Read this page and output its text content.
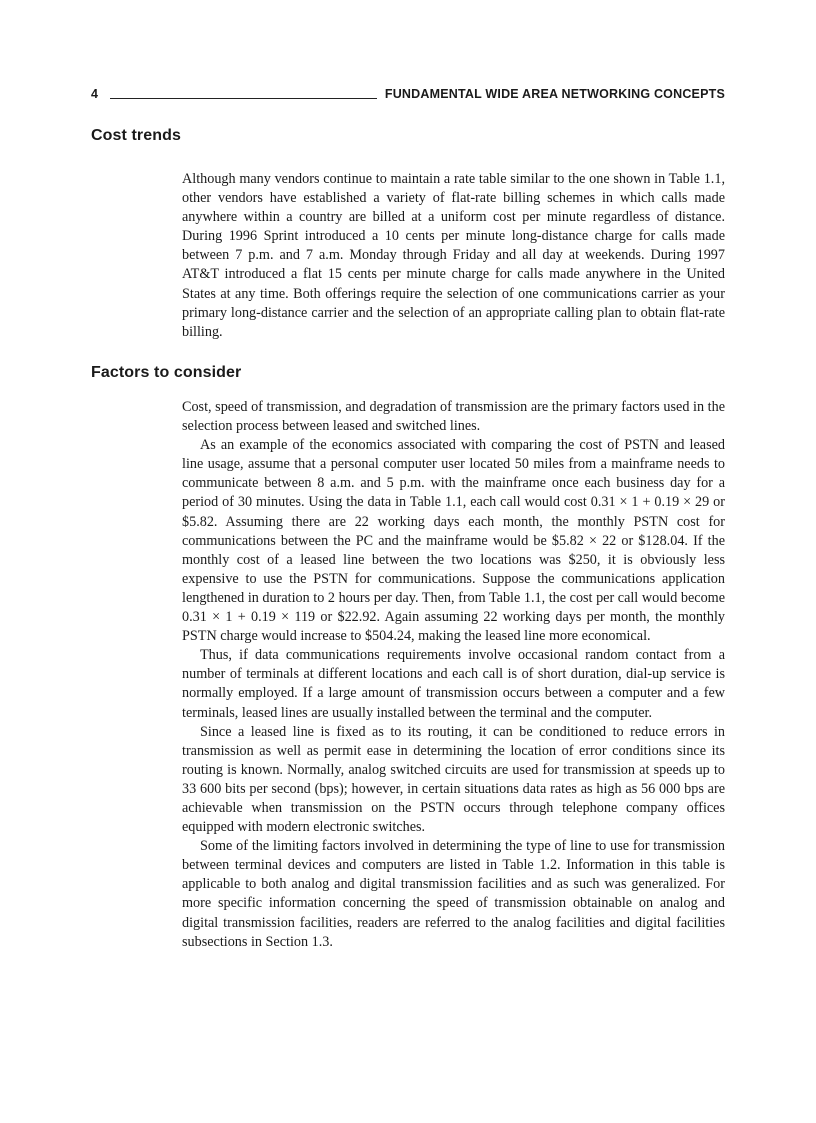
4	FUNDAMENTAL WIDE AREA NETWORKING CONCEPTS
Cost trends

Although many vendors continue to maintain a rate table similar to the one shown in Table 1.1, other vendors have established a variety of flat-rate billing schemes in which calls made anywhere within a country are billed at a uniform cost per minute regardless of distance. During 1996 Sprint introduced a 10 cents per minute long-distance charge for calls made between 7 p.m. and 7 a.m. Monday through Friday and all day at weekends. During 1997 AT&T introduced a flat 15 cents per minute charge for calls made anywhere in the United States at any time. Both offerings require the selection of one communications carrier as your primary long-distance carrier and the selection of an appropriate calling plan to obtain flat-rate billing.

Factors to consider

Cost, speed of transmission, and degradation of transmission are the primary factors used in the selection process between leased and switched lines.

As an example of the economics associated with comparing the cost of PSTN and leased line usage, assume that a personal computer user located 50 miles from a mainframe needs to communicate between 8 a.m. and 5 p.m. with the mainframe once each business day for a period of 30 minutes. Using the data in Table 1.1, each call would cost 0.31 × 1 + 0.19 × 29 or $5.82. Assuming there are 22 working days each month, the monthly PSTN cost for communications between the PC and the mainframe would be $5.82 × 22 or $128.04. If the monthly cost of a leased line between the two locations was $250, it is obviously less expensive to use the PSTN for communications. Suppose the communications application lengthened in duration to 2 hours per day. Then, from Table 1.1, the cost per call would become 0.31 × 1 + 0.19 × 119 or $22.92. Again assuming 22 working days per month, the monthly PSTN charge would increase to $504.24, making the leased line more economical.

Thus, if data communications requirements involve occasional random contact from a number of terminals at different locations and each call is of short duration, dial-up service is normally employed. If a large amount of transmission occurs between a computer and a few terminals, leased lines are usually installed between the terminal and the computer.

Since a leased line is fixed as to its routing, it can be conditioned to reduce errors in transmission as well as permit ease in determining the location of error conditions since its routing is known. Normally, analog switched circuits are used for transmission at speeds up to 33 600 bits per second (bps); however, in certain situations data rates as high as 56 000 bps are achievable when transmission on the PSTN occurs through telephone company offices equipped with modern electronic switches.

Some of the limiting factors involved in determining the type of line to use for transmission between terminal devices and computers are listed in Table 1.2. Information in this table is applicable to both analog and digital transmission facilities and as such was generalized. For more specific information concerning the speed of transmission obtainable on analog and digital transmission facilities, readers are referred to the analog facilities and digital facilities subsections in Section 1.3.
